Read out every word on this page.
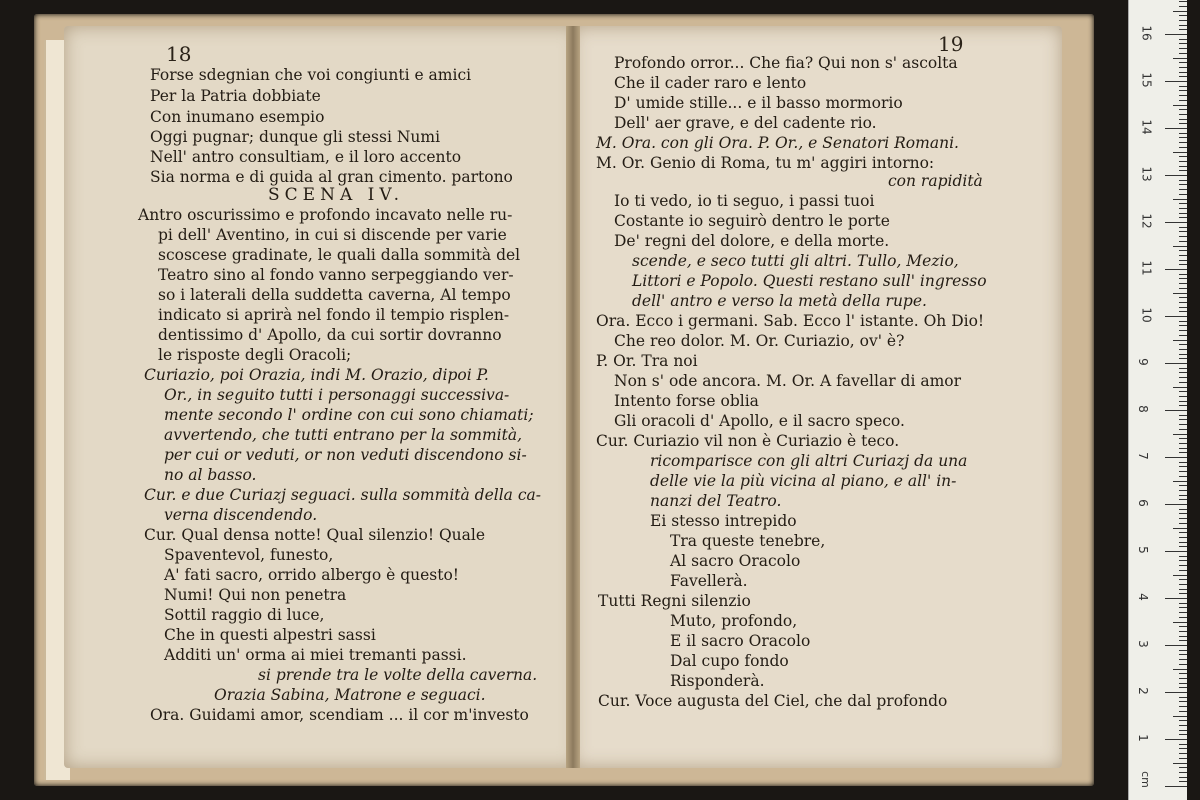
18	19
Forse sdegnian che voi congiunti e amici
Per la Patria dobbiate
Con inumano esempio
Oggi pugnar; dunque gli stessi Numi
Nell' antro consultiam, e il loro accento
Sia norma e di guida al gran cimento. partono
SCENA IV.
Antro oscurissimo e profondo incavato nelle ru-
pi dell' Aventino, in cui si discende per varie
scoscese gradinate, le quali dalla sommità del
Teatro sino al fondo vanno serpeggiando ver-
so i laterali della suddetta caverna, Al tempo
indicato si aprirà nel fondo il tempio risplen-
dentissimo d' Apollo, da cui sortir dovranno
le risposte degli Oracoli;
Curiazio, poi Orazia, indi M. Orazio, dipoi P.
Or., in seguito tutti i personaggi successiva-
mente secondo l' ordine con cui sono chiamati;
avvertendo, che tutti entrano per la sommità,
per cui or veduti, or non veduti discendono si-
no al basso.
Cur. e due Curiazj seguaci. sulla sommità della ca-
verna discendendo.
Cur. Qual densa notte! Qual silenzio! Quale
Spaventevol, funesto,
A' fati sacro, orrido albergo è questo!
Numi! Qui non penetra
Sottil raggio di luce,
Che in questi alpestri sassi
Additi un' orma ai miei tremanti passi.
si prende tra le volte della caverna.
Orazia Sabina, Matrone e seguaci.
Ora. Guidami amor, scendiam ... il cor m'investo
Profondo orror... Che fia? Qui non s' ascolta
Che il cader raro e lento
D' umide stille... e il basso mormorio
Dell' aer grave, e del cadente rio.
M. Ora. con gli Ora. P. Or., e Senatori Romani.
M. Or. Genio di Roma, tu m' aggiri intorno:
con rapidità
Io ti vedo, io ti seguo, i passi tuoi
Costante io seguirò dentro le porte
De' regni del dolore, e della morte.
scende, e seco tutti gli altri. Tullo, Mezio,
Littori e Popolo. Questi restano sull' ingresso
dell' antro e verso la metà della rupe.
Ora. Ecco i germani. Sab. Ecco l' istante. Oh Dio!
Che reo dolor. M. Or. Curiazio, ov' è?
P. Or. Tra noi
Non s' ode ancora. M. Or. A favellar di amor
Intento forse oblia
Gli oracoli d' Apollo, e il sacro speco.
Cur. Curiazio vil non è Curiazio è teco.
ricomparisce con gli altri Curiazj da una
delle vie la più vicina al piano, e all' in-
nanzi del Teatro.
Ei stesso intrepido
Tra queste tenebre,
Al sacro Oracolo
Favellerà.
Tutti Regni silenzio
Muto, profondo,
E il sacro Oracolo
Dal cupo fondo
Risponderà.
Cur. Voce augusta del Ciel, che dal profondo
cm
1
2
3
4
5
6
7
8
9
10
11
12
13
14
15
16
